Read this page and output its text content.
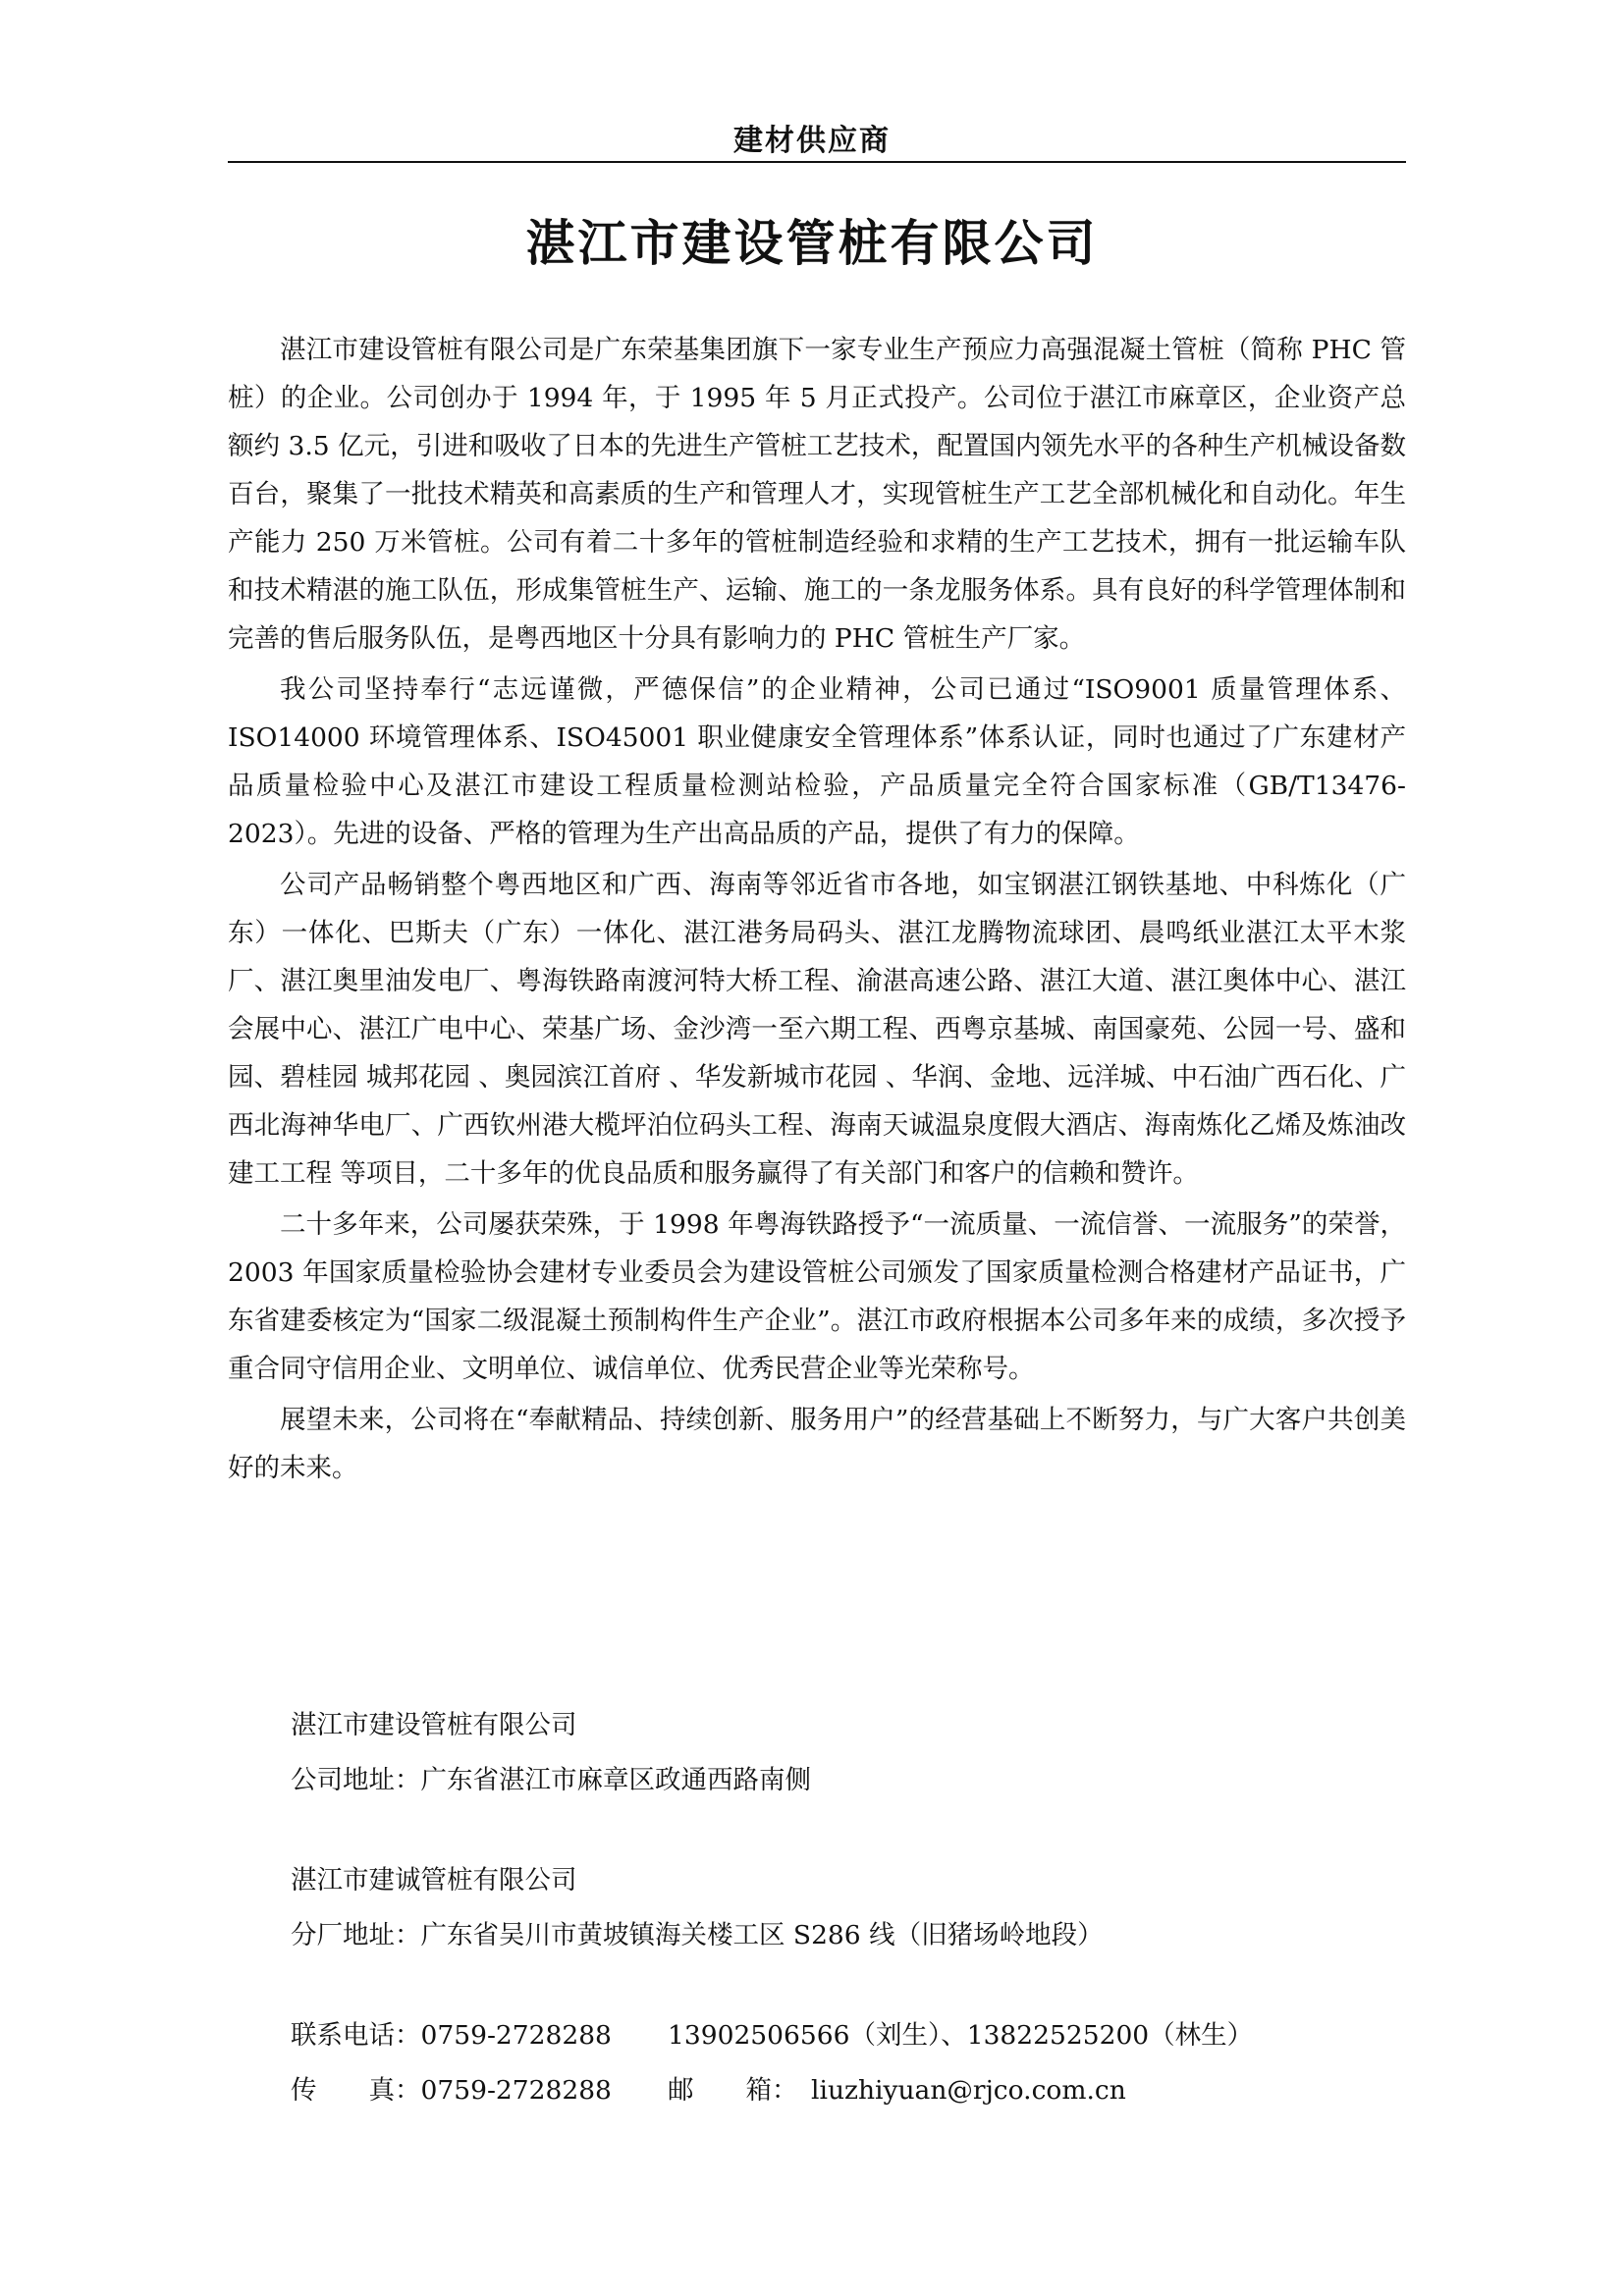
建材供应商
湛江市建设管桩有限公司

湛江市建设管桩有限公司是广东荣基集团旗下一家专业生产预应力高强混凝土管桩（简称 PHC 管桩）的企业。公司创办于 1994 年，于 1995 年 5 月正式投产。公司位于湛江市麻章区，企业资产总额约 3.5 亿元，引进和吸收了日本的先进生产管桩工艺技术，配置国内领先水平的各种生产机械设备数百台，聚集了一批技术精英和高素质的生产和管理人才，实现管桩生产工艺全部机械化和自动化。年生产能力 250 万米管桩。公司有着二十多年的管桩制造经验和求精的生产工艺技术，拥有一批运输车队和技术精湛的施工队伍，形成集管桩生产、运输、施工的一条龙服务体系。具有良好的科学管理体制和完善的售后服务队伍，是粤西地区十分具有影响力的 PHC 管桩生产厂家。

我公司坚持奉行“志远谨微，严德保信”的企业精神，公司已通过“ISO9001 质量管理体系、ISO14000 环境管理体系、ISO45001 职业健康安全管理体系”体系认证，同时也通过了广东建材产品质量检验中心及湛江市建设工程质量检测站检验，产品质量完全符合国家标准（GB/T13476-2023）。先进的设备、严格的管理为生产出高品质的产品，提供了有力的保障。

公司产品畅销整个粤西地区和广西、海南等邻近省市各地，如宝钢湛江钢铁基地、中科炼化（广东）一体化、巴斯夫（广东）一体化、湛江港务局码头、湛江龙腾物流球团、晨鸣纸业湛江太平木浆厂、湛江奥里油发电厂、粤海铁路南渡河特大桥工程、渝湛高速公路、湛江大道、湛江奥体中心、湛江会展中心、湛江广电中心、荣基广场、金沙湾一至六期工程、西粤京基城、南国豪苑、公园一号、盛和园、碧桂园 城邦花园 、奥园滨江首府 、华发新城市花园 、华润、金地、远洋城、中石油广西石化、广西北海神华电厂、广西钦州港大榄坪泊位码头工程、海南天诚温泉度假大酒店、海南炼化乙烯及炼油改建工工程 等项目，二十多年的优良品质和服务赢得了有关部门和客户的信赖和赞许。

二十多年来，公司屡获荣殊，于 1998 年粤海铁路授予“一流质量、一流信誉、一流服务”的荣誉，2003 年国家质量检验协会建材专业委员会为建设管桩公司颁发了国家质量检测合格建材产品证书，广东省建委核定为“国家二级混凝土预制构件生产企业”。湛江市政府根据本公司多年来的成绩，多次授予重合同守信用企业、文明单位、诚信单位、优秀民营企业等光荣称号。

展望未来，公司将在“奉献精品、持续创新、服务用户”的经营基础上不断努力，与广大客户共创美好的未来。

湛江市建设管桩有限公司
公司地址：广东省湛江市麻章区政通西路南侧
湛江市建诚管桩有限公司
分厂地址：广东省吴川市黄坡镇海关楼工区 S286 线（旧猪场岭地段）
联系电话：0759-2728288 13902506566（刘生）、13822525200（林生）
传　　真：0759-2728288 邮　　箱： liuzhiyuan@rjco.com.cn
